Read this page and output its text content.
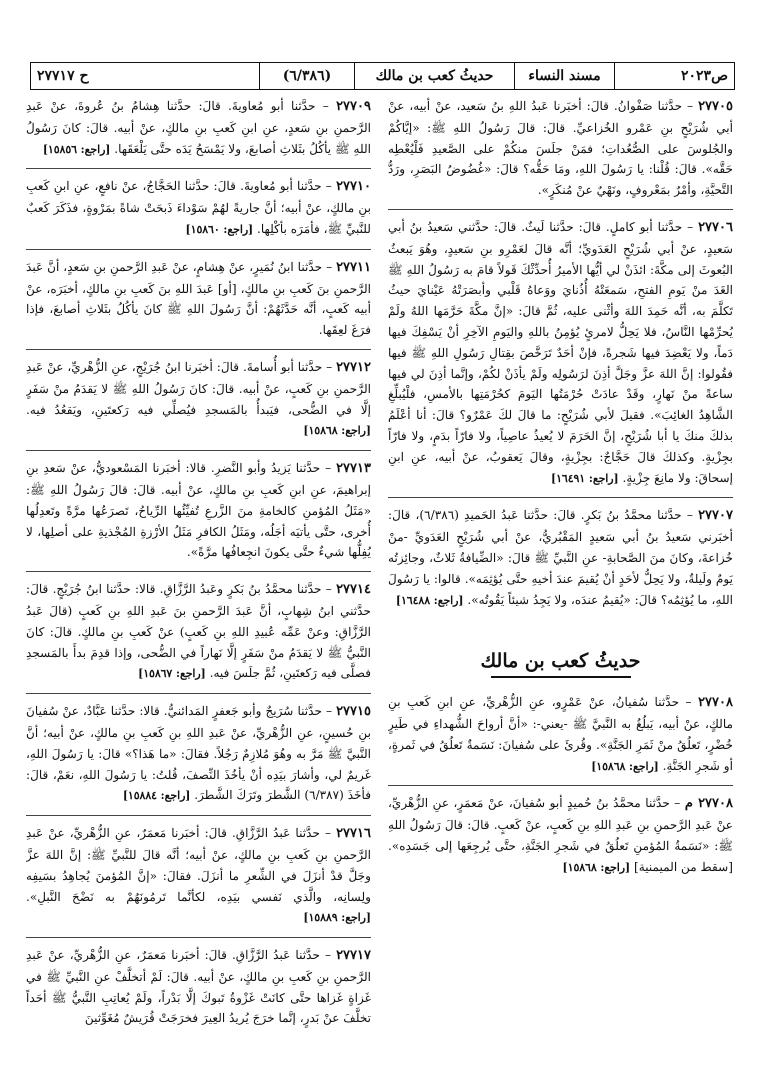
ص٢٠٢٣
مسند النساء
حديثُ كعب بن مالك
(٦/٣٨٦)
ح ٢٧٧١٧
٢٧٧٠٥ – حدَّثنا صَفْوانُ. قالَ: أخبَرنا عَبدُ اللهِ بنُ سَعيد، عنْ أبيه، عنْ أبي شُرَيْحٍ بنِ عَمْرو الخُزاعيِّ. قالَ: قالَ رَسُولُ اللهِ ﷺ: «إيَّاكُمْ والجُلوسَ على الصُّعُداتِ؛ فمَنْ جلَسَ منكُمْ على الصَّعيدِ فَلْيُعْطِه حَقَّه». قالَ: قُلْنا: يا رَسُولَ اللهِ، ومَا حَقُّه؟ قالَ: «غُضُوضُ البَصَرِ، ورَدُّ التَّحيَّةِ، وأمْرٌ بمَعْروفٍ، ونَهْيٌ عنْ مُنكَرٍ».
٢٧٧٠٦ – حدَّثنا أبو كاملٍ. قالَ: حدَّثنا لَيثٌ. قالَ: حدَّثني سَعيدُ بنُ أبي سَعيدٍ، عنْ أبي شُرَيْحٍ العَدَويِّ؛ أنَّه قالَ لعَمْرِو بنِ سَعيدٍ، وهُوَ يَبعثُ البُعوثَ إلى مكَّةَ: ائذَنْ لي أيُّها الأميرُ أُحدِّثْكَ قَولاً قامَ به رَسُولُ اللهِ ﷺ الغَدَ منْ يَومِ الفتحِ، سَمعَتْهُ أُذُنايَ ووَعاهُ قَلْبي وأبصَرَتْهُ عَيْنايَ حيثُ تَكلَّمَ به، أنَّه حَمِدَ اللهَ وأثْنى عليه، ثُمَّ قالَ: «إنَّ مكَّةَ حَرَّمَها اللهُ ولَمْ يُحرِّمْها النَّاسُ، فلا يَحِلُّ لامرئٍ يُؤمِنُ باللهِ واليَومِ الآخِرِ أنْ يَسْفِكَ فيها دَماً، ولا يَعْضِدَ فيها شَجرةً، فإنْ أحَدٌ تَرَخَّصَ بقِتالِ رَسُولِ اللهِ ﷺ فيها فقُولوا: إنَّ اللهَ عزَّ وجَلَّ أذِنَ لرَسُولِه ولَمْ يأذَنْ لكُمْ، وإنَّما أذِنَ لي فيها ساعةً منْ نَهارٍ، وقَدْ عادَتْ حُرْمَتُها اليَومَ كحُرْمَتِها بالأمسِ، فلْيُبلِّغِ الشَّاهِدُ الغائِبَ». فقيلَ لأبي شُرَيْحٍ: ما قالَ لكَ عَمْرٌو؟ قالَ: أنا أعْلَمُ بذلكَ منكَ يا أبا شُرَيْحٍ، إنَّ الحَرَمَ لا يُعيذُ عاصِياً، ولا فارّاً بدَمٍ، ولا فارّاً بجِزْيةٍ. وكذلكَ قالَ حَجَّاجٌ: بجِزْيةٍ، وقالَ يَعقوبُ، عنْ أبيه، عنِ ابنِ إسحاقَ: ولا مانِعَ جِزْيةٍ. [راجع: ١٦٤٩١]
٢٧٧٠٧ – حدَّثنا محمَّدُ بنُ بَكرٍ. قالَ: حدَّثنا عَبدُ الحَميدِ (٦/٣٨٦)، قالَ: أخبَرني سَعيدُ بنُ أبي سَعيدٍ المَقْبُريُّ، عنْ أبي شُرَيْحٍ العَدَويِّ -منْ خُزاعةَ، وكانَ منَ الصَّحابةِ- عنِ النَّبيِّ ﷺ قالَ: «الضِّيافةُ ثَلاثٌ، وجائِزتُه يَومٌ ولَيلةٌ، ولا يَحِلُّ لأحَدٍ أنْ يُقيمَ عندَ أخيهِ حتَّى يُؤثِمَه». قالوا: يا رَسُولَ اللهِ، ما يُؤثِمُه؟ قالَ: «يُقيمُ عندَه، ولا يَجِدُ شيئاً يَقُوتُه». [راجع: ١٦٤٨٨]
حديثُ كعب بن مالك
٢٧٧٠٨ – حدَّثنا سُفيانُ، عنْ عَمْرٍو، عنِ الزُّهْريِّ، عنِ ابنِ كَعبِ بنِ مالكٍ، عنْ أبيه، يَبلُغُ به النَّبيَّ ﷺ -يعني-: «أنَّ أرواحَ الشُّهداءِ في طَيرٍ خُضْرٍ، تَعلُقُ منْ ثَمَرِ الجَنَّةِ». وقُرئَ على سُفيانَ: نَسَمةٌ تَعلُقُ في ثَمرةٍ، أو شَجرِ الجَنَّةِ. [راجع: ١٥٨٦٨]
٢٧٧٠٨ م – حدَّثنا محمَّدُ بنُ حُميدٍ أبو سُفيانَ، عنْ مَعمَرٍ، عنِ الزُّهْريِّ، عنْ عَبدِ الرَّحمنِ بنِ عَبدِ اللهِ بنِ كَعبٍ، عنْ كَعبٍ. قالَ: قالَ رَسُولُ اللهِ ﷺ: «نَسَمةُ المُؤمنِ تَعلُقُ في شَجرِ الجَنَّةِ، حتَّى يُرجِعَها إلى جَسَدِه». [سقط من الميمنية] [راجع: ١٥٨٦٨]
٢٧٧٠٩ – حدَّثنا أبو مُعاويةَ. قالَ: حدَّثنا هِشامُ بنُ عُروةَ، عنْ عَبدِ الرَّحمنِ بنِ سَعدٍ، عنِ ابنِ كَعبِ بنِ مالكٍ، عنْ أبيه. قالَ: كانَ رَسُولُ اللهِ ﷺ يأكُلُ بثَلاثِ أصابعَ، ولا يَمْسَحُ يَدَه حتَّى يَلْعَقَها. [راجع: ١٥٨٥٦]
٢٧٧١٠ – حدَّثنا أبو مُعاويةَ. قالَ: حدَّثنا الحَجَّاجُ، عنْ نافعٍ، عنِ ابنِ كَعبِ بنِ مالكٍ، عنْ أبيه؛ أنَّ جاريةً لهُمْ سَوْداءَ ذَبحَتْ شاةً بمَرْوةٍ، فذَكَرَ كَعبٌ للنَّبيِّ ﷺ، فأمَرَه بأكْلِها. [راجع: ١٥٨٦٠]
٢٧٧١١ – حدَّثنا ابنُ نُمَيرٍ، عنْ هِشامٍ، عنْ عَبدِ الرَّحمنِ بنِ سَعدٍ، أنَّ عَبدَ الرَّحمنِ بنَ كَعبِ بنِ مالكٍ، [أو] عَبدَ اللهِ بنَ كَعبِ بنِ مالكٍ، أخبَرَه، عنْ أبيه كَعبٍ، أنَّه حَدَّثَهُمْ: أنَّ رَسُولَ اللهِ ﷺ كانَ يأكُلُ بثَلاثِ أصابعَ، فإذا فرَغَ لعِقَها.
٢٧٧١٢ – حدَّثنا أبو أُسامةَ. قالَ: أخبَرنا ابنُ جُرَيْجٍ، عنِ الزُّهْريِّ، عنْ عَبدِ الرَّحمنِ بنِ كَعبٍ، عنْ أبيه. قالَ: كانَ رَسُولُ اللهِ ﷺ لا يَقدَمُ منْ سَفَرٍ إلَّا في الضُّحى، فيَبدأُ بالمَسجدِ فيُصلِّي فيه رَكعتَينِ، ويَقعُدُ فيه. [راجع: ١٥٨٦٨]
٢٧٧١٣ – حدَّثنا يَزيدُ وأبو النَّضرِ. قالا: أخبَرنا المَسْعوديُّ، عنْ سَعدِ بنِ إبراهيمَ، عنِ ابنِ كَعبِ بنِ مالكٍ، عنْ أبيه. قالَ: قالَ رَسُولُ اللهِ ﷺ: «مَثَلُ المُؤمنِ كالخامةِ منَ الزَّرعِ تُفيِّئُها الرِّياحُ، تَصرَعُها مرَّةً وتَعدِلُها أُخرى، حتَّى يأتيَه أجَلُه، ومَثَلُ الكافرِ مَثَلُ الأرْزةِ المُجْذيةِ على أصلِها، لا يُفِلُّها شيءٌ حتَّى يكونَ انجِعافُها مرَّةً».
٢٧٧١٤ – حدَّثنا محمَّدُ بنُ بَكرٍ وعَبدُ الرَّزَّاقِ. قالا: حدَّثنا ابنُ جُرَيْجٍ. قالَ: حدَّثني ابنُ شِهابٍ، أنَّ عَبدَ الرَّحمنِ بنَ عَبدِ اللهِ بنِ كَعبٍ (قالَ عَبدُ الرَّزَّاقِ: وعنْ عَمِّه عُبيدِ اللهِ بنِ كَعبٍ) عنْ كَعبِ بنِ مالكٍ. قالَ: كانَ النَّبيُّ ﷺ لا يَقدَمُ منْ سَفَرٍ إلَّا نَهاراً في الضُّحى، وإذا قدِمَ بدأَ بالمَسجدِ فصلَّى فيه رَكعتَينِ، ثُمَّ جلَسَ فيه. [راجع: ١٥٨٦٧]
٢٧٧١٥ – حدَّثنا سُرَيجٌ وأبو جَعفرٍ المَدائنيُّ. قالا: حدَّثنا عَبَّادٌ، عنْ سُفيانَ بنِ حُسينٍ، عنِ الزُّهْريِّ، عنْ عَبدِ اللهِ بنِ كَعبِ بنِ مالكٍ، عنْ أبيه؛ أنَّ النَّبيَّ ﷺ مَرَّ به وهُوَ مُلازِمٌ رَجُلاً. فقالَ: «ما هَذا؟» قالَ: يا رَسُولَ اللهِ، غَريمٌ لي، وأشارَ بيَدِه أنْ يأخُذَ النِّصفَ، قُلتُ: يا رَسُولَ اللهِ، نعَمْ، قالَ: فأخَذَ (٦/٣٨٧) الشَّطرَ وتَرَكَ الشَّطرَ. [راجع: ١٥٨٨٤]
٢٧٧١٦ – حدَّثنا عَبدُ الرَّزَّاقِ. قالَ: أخبَرنا مَعمَرٌ، عنِ الزُّهْريِّ، عنْ عَبدِ الرَّحمنِ بنِ كَعبِ بنِ مالكٍ، عنْ أبيه؛ أنَّه قالَ للنَّبيِّ ﷺ: إنَّ اللهَ عزَّ وجَلَّ قدْ أنزَلَ في الشِّعرِ ما أنزَلَ. فقالَ: «إنَّ المُؤمنَ يُجاهِدُ بسَيفِه ولِسانِه، والَّذي نَفسي بيَدِه، لكأنَّما تَرمُونَهُمْ به نَضْحَ النَّبلِ». [راجع: ١٥٨٨٩]
٢٧٧١٧ – حدَّثنا عَبدُ الرَّزَّاقِ. قالَ: أخبَرنا مَعمَرٌ، عنِ الزُّهْريِّ، عنْ عَبدِ الرَّحمنِ بنِ كَعبِ بنِ مالكٍ، عنْ أبيه. قالَ: لَمْ أتخلَّفْ عنِ النَّبيِّ ﷺ في غَزاةٍ غَزاها حتَّى كانَتْ غَزْوةُ تَبوكَ إلَّا بَدْراً، ولَمْ يُعاتِبِ النَّبيُّ ﷺ أحَداً تخلَّفَ عنْ بَدرٍ، إنَّما خرَجَ يُريدُ العِيرَ فخرَجَتْ قُرَيشٌ مُغَوِّثينَ
